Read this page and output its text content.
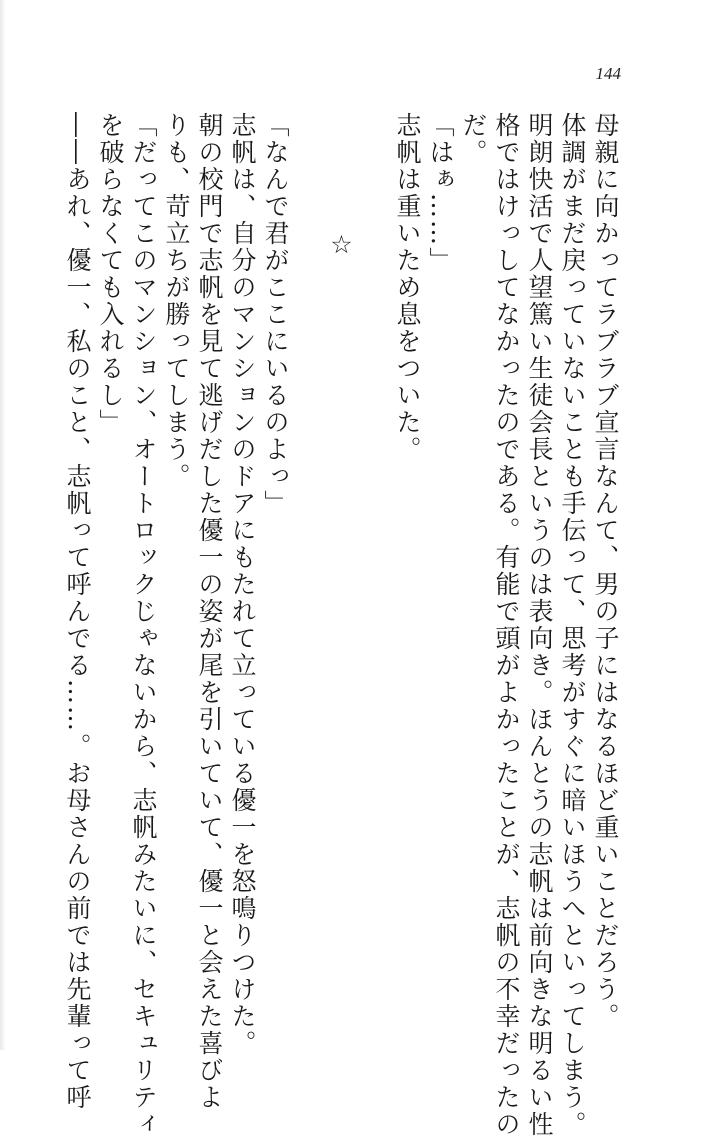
144
母親に向かってラブラブ宣言なんて、男の子にはなるほど重いことだろう。
体調がまだ戻っていないことも手伝って、思考がすぐに暗いほうへといってしまう。
明朗快活で人望篤い生徒会長というのは表向き。ほんとうの志帆は前向きな明るい性
格ではけっしてなかったのである。有能で頭がよかったことが、志帆の不幸だったの
だ。
「はぁ……」
志帆は重いため息をついた。

☆

「なんで君がここにいるのよっ」
志帆は、自分のマンションのドアにもたれて立っている優一を怒鳴りつけた。
朝の校門で志帆を見て逃げだした優一の姿が尾を引いていて、優一と会えた喜びよ
りも、苛立ちが勝ってしまう。
「だってこのマンション、オートロックじゃないから、志帆みたいに、セキュリティ
を破らなくても入れるし」
――あれ、優一、私のこと、志帆って呼んでる……。お母さんの前では先輩って呼
